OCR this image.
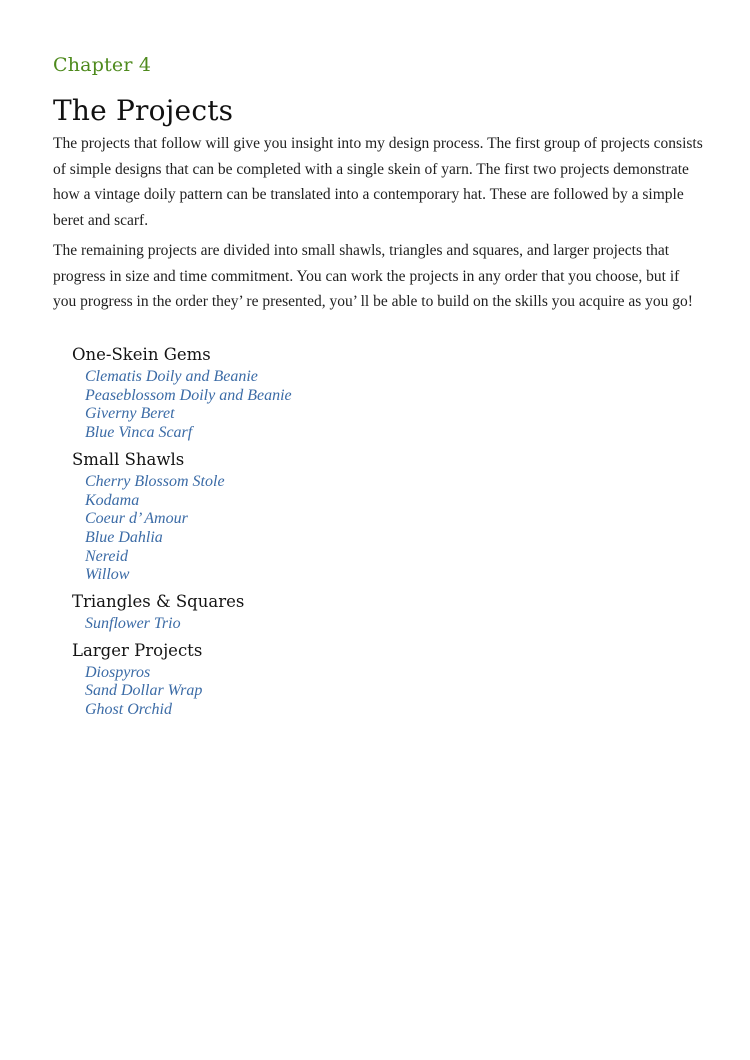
Chapter 4
The Projects

The projects that follow will give you insight into my design process. The first group of projects consists of simple designs that can be completed with a single skein of yarn. The first two projects demonstrate how a vintage doily pattern can be translated into a contemporary hat. These are followed by a simple beret and scarf.

The remaining projects are divided into small shawls, triangles and squares, and larger projects that progress in size and time commitment. You can work the projects in any order that you choose, but if you progress in the order they’ re presented, you’ ll be able to build on the skills you acquire as you go!

One-Skein Gems
Clematis Doily and Beanie
Peaseblossom Doily and Beanie
Giverny Beret
Blue Vinca Scarf
Small Shawls
Cherry Blossom Stole
Kodama
Coeur d’ Amour
Blue Dahlia
Nereid
Willow
Triangles & Squares
Sunflower Trio
Larger Projects
Diospyros
Sand Dollar Wrap
Ghost Orchid
